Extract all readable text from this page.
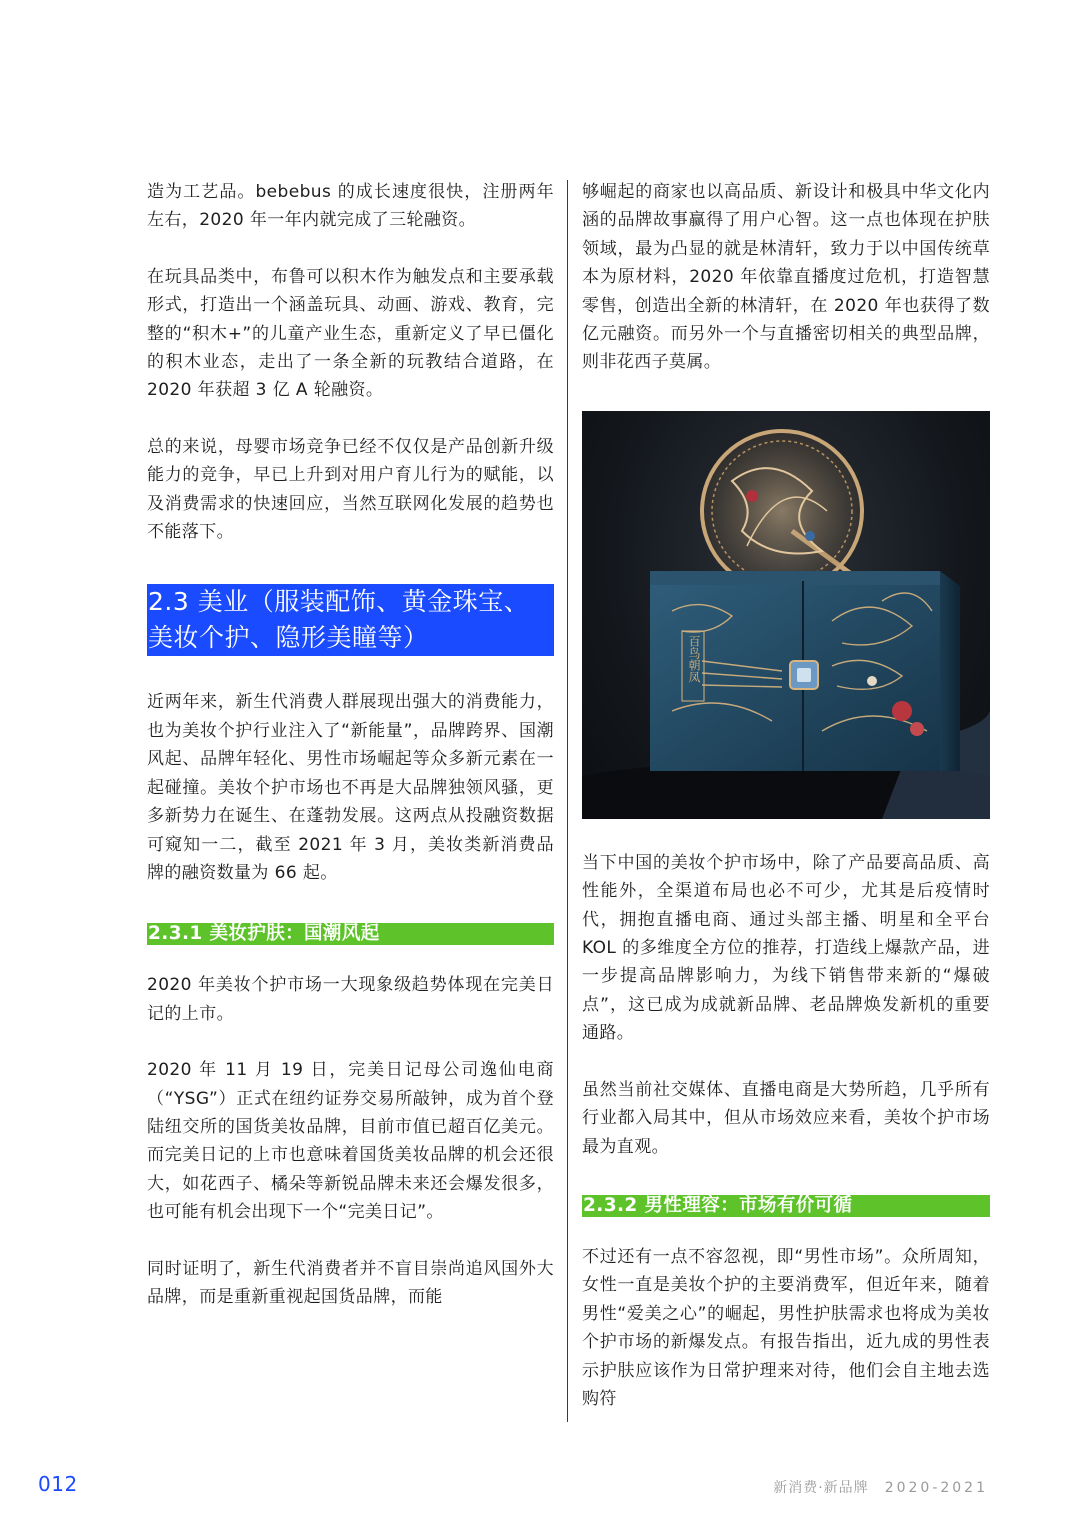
造为工艺品。bebebus 的成长速度很快，注册两年左右，2020 年一年内就完成了三轮融资。

在玩具品类中，布鲁可以积木作为触发点和主要承载形式，打造出一个涵盖玩具、动画、游戏、教育，完整的“积木+”的儿童产业生态，重新定义了早已僵化的积木业态，走出了一条全新的玩教结合道路，在 2020 年获超 3 亿 A 轮融资。

总的来说，母婴市场竞争已经不仅仅是产品创新升级能力的竞争，早已上升到对用户育儿行为的赋能，以及消费需求的快速回应，当然互联网化发展的趋势也不能落下。

2.3 美业（服装配饰、黄金珠宝、
美妆个护、隐形美瞳等）

近两年来，新生代消费人群展现出强大的消费能力，也为美妆个护行业注入了“新能量”，品牌跨界、国潮风起、品牌年轻化、男性市场崛起等众多新元素在一起碰撞。美妆个护市场也不再是大品牌独领风骚，更多新势力在诞生、在蓬勃发展。这两点从投融资数据可窥知一二，截至 2021 年 3 月，美妆类新消费品牌的融资数量为 66 起。

2.3.1 美妆护肤：国潮风起

2020 年美妆个护市场一大现象级趋势体现在完美日记的上市。

2020 年 11 月 19 日，完美日记母公司逸仙电商（“YSG”）正式在纽约证券交易所敲钟，成为首个登陆纽交所的国货美妆品牌，目前市值已超百亿美元。而完美日记的上市也意味着国货美妆品牌的机会还很大，如花西子、橘朵等新锐品牌未来还会爆发很多，也可能有机会出现下一个“完美日记”。

同时证明了，新生代消费者并不盲目崇尚追风国外大品牌，而是重新重视起国货品牌，而能

够崛起的商家也以高品质、新设计和极具中华文化内涵的品牌故事赢得了用户心智。这一点也体现在护肤领域，最为凸显的就是林清轩，致力于以中国传统草本为原材料，2020 年依靠直播度过危机，打造智慧零售，创造出全新的林清轩，在 2020 年也获得了数亿元融资。而另外一个与直播密切相关的典型品牌，则非花西子莫属。

百鸟朝凤

当下中国的美妆个护市场中，除了产品要高品质、高性能外，全渠道布局也必不可少，尤其是后疫情时代，拥抱直播电商、通过头部主播、明星和全平台 KOL 的多维度全方位的推荐，打造线上爆款产品，进一步提高品牌影响力，为线下销售带来新的“爆破点”，这已成为成就新品牌、老品牌焕发新机的重要通路。

虽然当前社交媒体、直播电商是大势所趋，几乎所有行业都入局其中，但从市场效应来看，美妆个护市场最为直观。

2.3.2 男性理容：市场有价可循

不过还有一点不容忽视，即“男性市场”。众所周知，女性一直是美妆个护的主要消费军，但近年来，随着男性“爱美之心”的崛起，男性护肤需求也将成为美妆个护市场的新爆发点。有报告指出，近九成的男性表示护肤应该作为日常护理来对待，他们会自主地去选购符

012	新消费·新品牌 2020-2021
